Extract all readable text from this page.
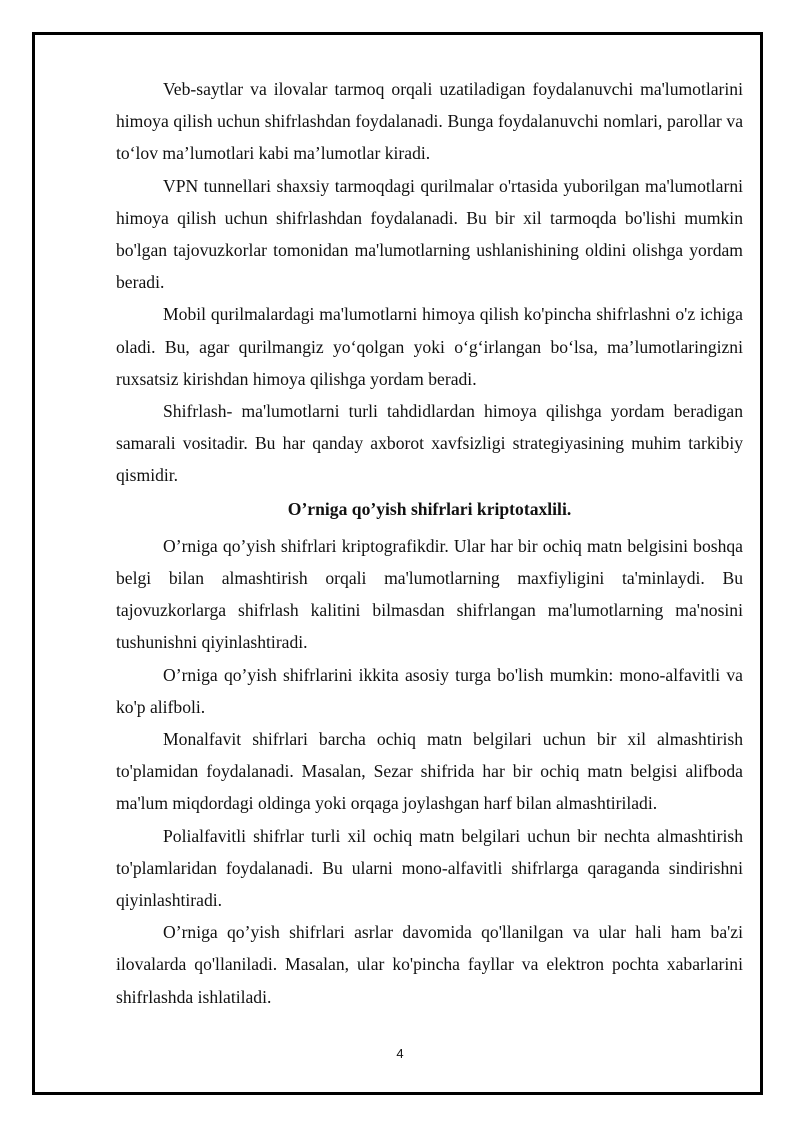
Veb-saytlar va ilovalar tarmoq orqali uzatiladigan foydalanuvchi ma'lumotlarini himoya qilish uchun shifrlashdan foydalanadi. Bunga foydalanuvchi nomlari, parollar va to‘lov ma’lumotlari kabi ma’lumotlar kiradi.

VPN tunnellari shaxsiy tarmoqdagi qurilmalar o'rtasida yuborilgan ma'lumotlarni himoya qilish uchun shifrlashdan foydalanadi. Bu bir xil tarmoqda bo'lishi mumkin bo'lgan tajovuzkorlar tomonidan ma'lumotlarning ushlanishining oldini olishga yordam beradi.

Mobil qurilmalardagi ma'lumotlarni himoya qilish ko'pincha shifrlashni o'z ichiga oladi. Bu, agar qurilmangiz yo‘qolgan yoki o‘g‘irlangan bo‘lsa, ma’lumotlaringizni ruxsatsiz kirishdan himoya qilishga yordam beradi.

Shifrlash- ma'lumotlarni turli tahdidlardan himoya qilishga yordam beradigan samarali vositadir. Bu har qanday axborot xavfsizligi strategiyasining muhim tarkibiy qismidir.

O’rniga qo’yish shifrlari kriptotaxlili.

O’rniga qo’yish shifrlari kriptografikdir. Ular har bir ochiq matn belgisini boshqa belgi bilan almashtirish orqali ma'lumotlarning maxfiyligini ta'minlaydi. Bu tajovuzkorlarga shifrlash kalitini bilmasdan shifrlangan ma'lumotlarning ma'nosini tushunishni qiyinlashtiradi.

O’rniga qo’yish shifrlarini ikkita asosiy turga bo'lish mumkin: mono-alfavitli va ko'p alifboli.

Monalfavit shifrlari barcha ochiq matn belgilari uchun bir xil almashtirish to'plamidan foydalanadi. Masalan, Sezar shifrida har bir ochiq matn belgisi alifboda ma'lum miqdordagi oldinga yoki orqaga joylashgan harf bilan almashtiriladi.

Polialfavitli shifrlar turli xil ochiq matn belgilari uchun bir nechta almashtirish to'plamlaridan foydalanadi. Bu ularni mono-alfavitli shifrlarga qaraganda sindirishni qiyinlashtiradi.

O’rniga qo’yish shifrlari asrlar davomida qo'llanilgan va ular hali ham ba'zi ilovalarda qo'llaniladi. Masalan, ular ko'pincha fayllar va elektron pochta xabarlarini shifrlashda ishlatiladi.

4
